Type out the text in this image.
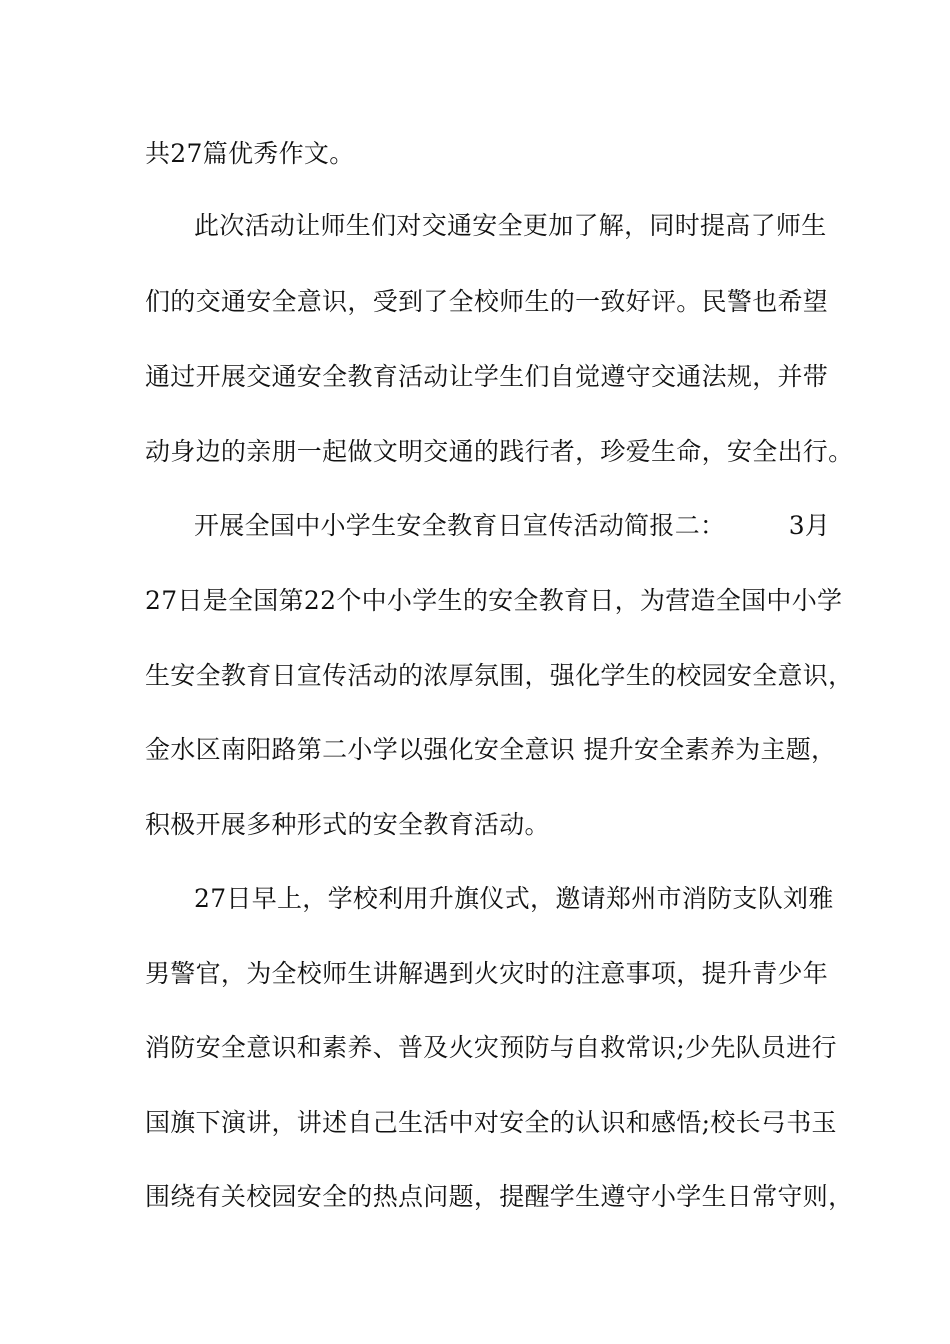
共27篇优秀作文。
此次活动让师生们对交通安全更加了解，同时提高了师生
们的交通安全意识，受到了全校师生的一致好评。民警也希望
通过开展交通安全教育活动让学生们自觉遵守交通法规，并带
动身边的亲朋一起做文明交通的践行者，珍爱生命，安全出行。
开展全国中小学生安全教育日宣传活动简报二：　　　3月
27日是全国第22个中小学生的安全教育日，为营造全国中小学
生安全教育日宣传活动的浓厚氛围，强化学生的校园安全意识，
金水区南阳路第二小学以强化安全意识 提升安全素养为主题，
积极开展多种形式的安全教育活动。
27日早上，学校利用升旗仪式，邀请郑州市消防支队刘雅
男警官，为全校师生讲解遇到火灾时的注意事项，提升青少年
消防安全意识和素养、普及火灾预防与自救常识;少先队员进行
国旗下演讲，讲述自己生活中对安全的认识和感悟;校长弓书玉
围绕有关校园安全的热点问题，提醒学生遵守小学生日常守则，
